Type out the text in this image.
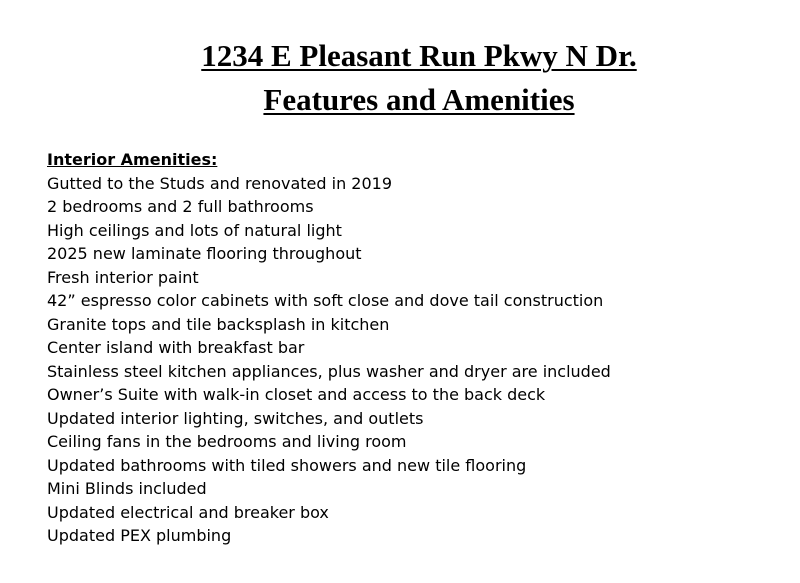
1234 E Pleasant Run Pkwy N Dr.
Features and Amenities
Interior Amenities:
Gutted to the Studs and renovated in 2019
2 bedrooms and 2 full bathrooms
High ceilings and lots of natural light
2025 new laminate flooring throughout
Fresh interior paint
42” espresso color cabinets with soft close and dove tail construction
Granite tops and tile backsplash in kitchen
Center island with breakfast bar
Stainless steel kitchen appliances, plus washer and dryer are included
Owner’s Suite with walk-in closet and access to the back deck
Updated interior lighting, switches, and outlets
Ceiling fans in the bedrooms and living room
Updated bathrooms with tiled showers and new tile flooring
Mini Blinds included
Updated electrical and breaker box
Updated PEX plumbing
